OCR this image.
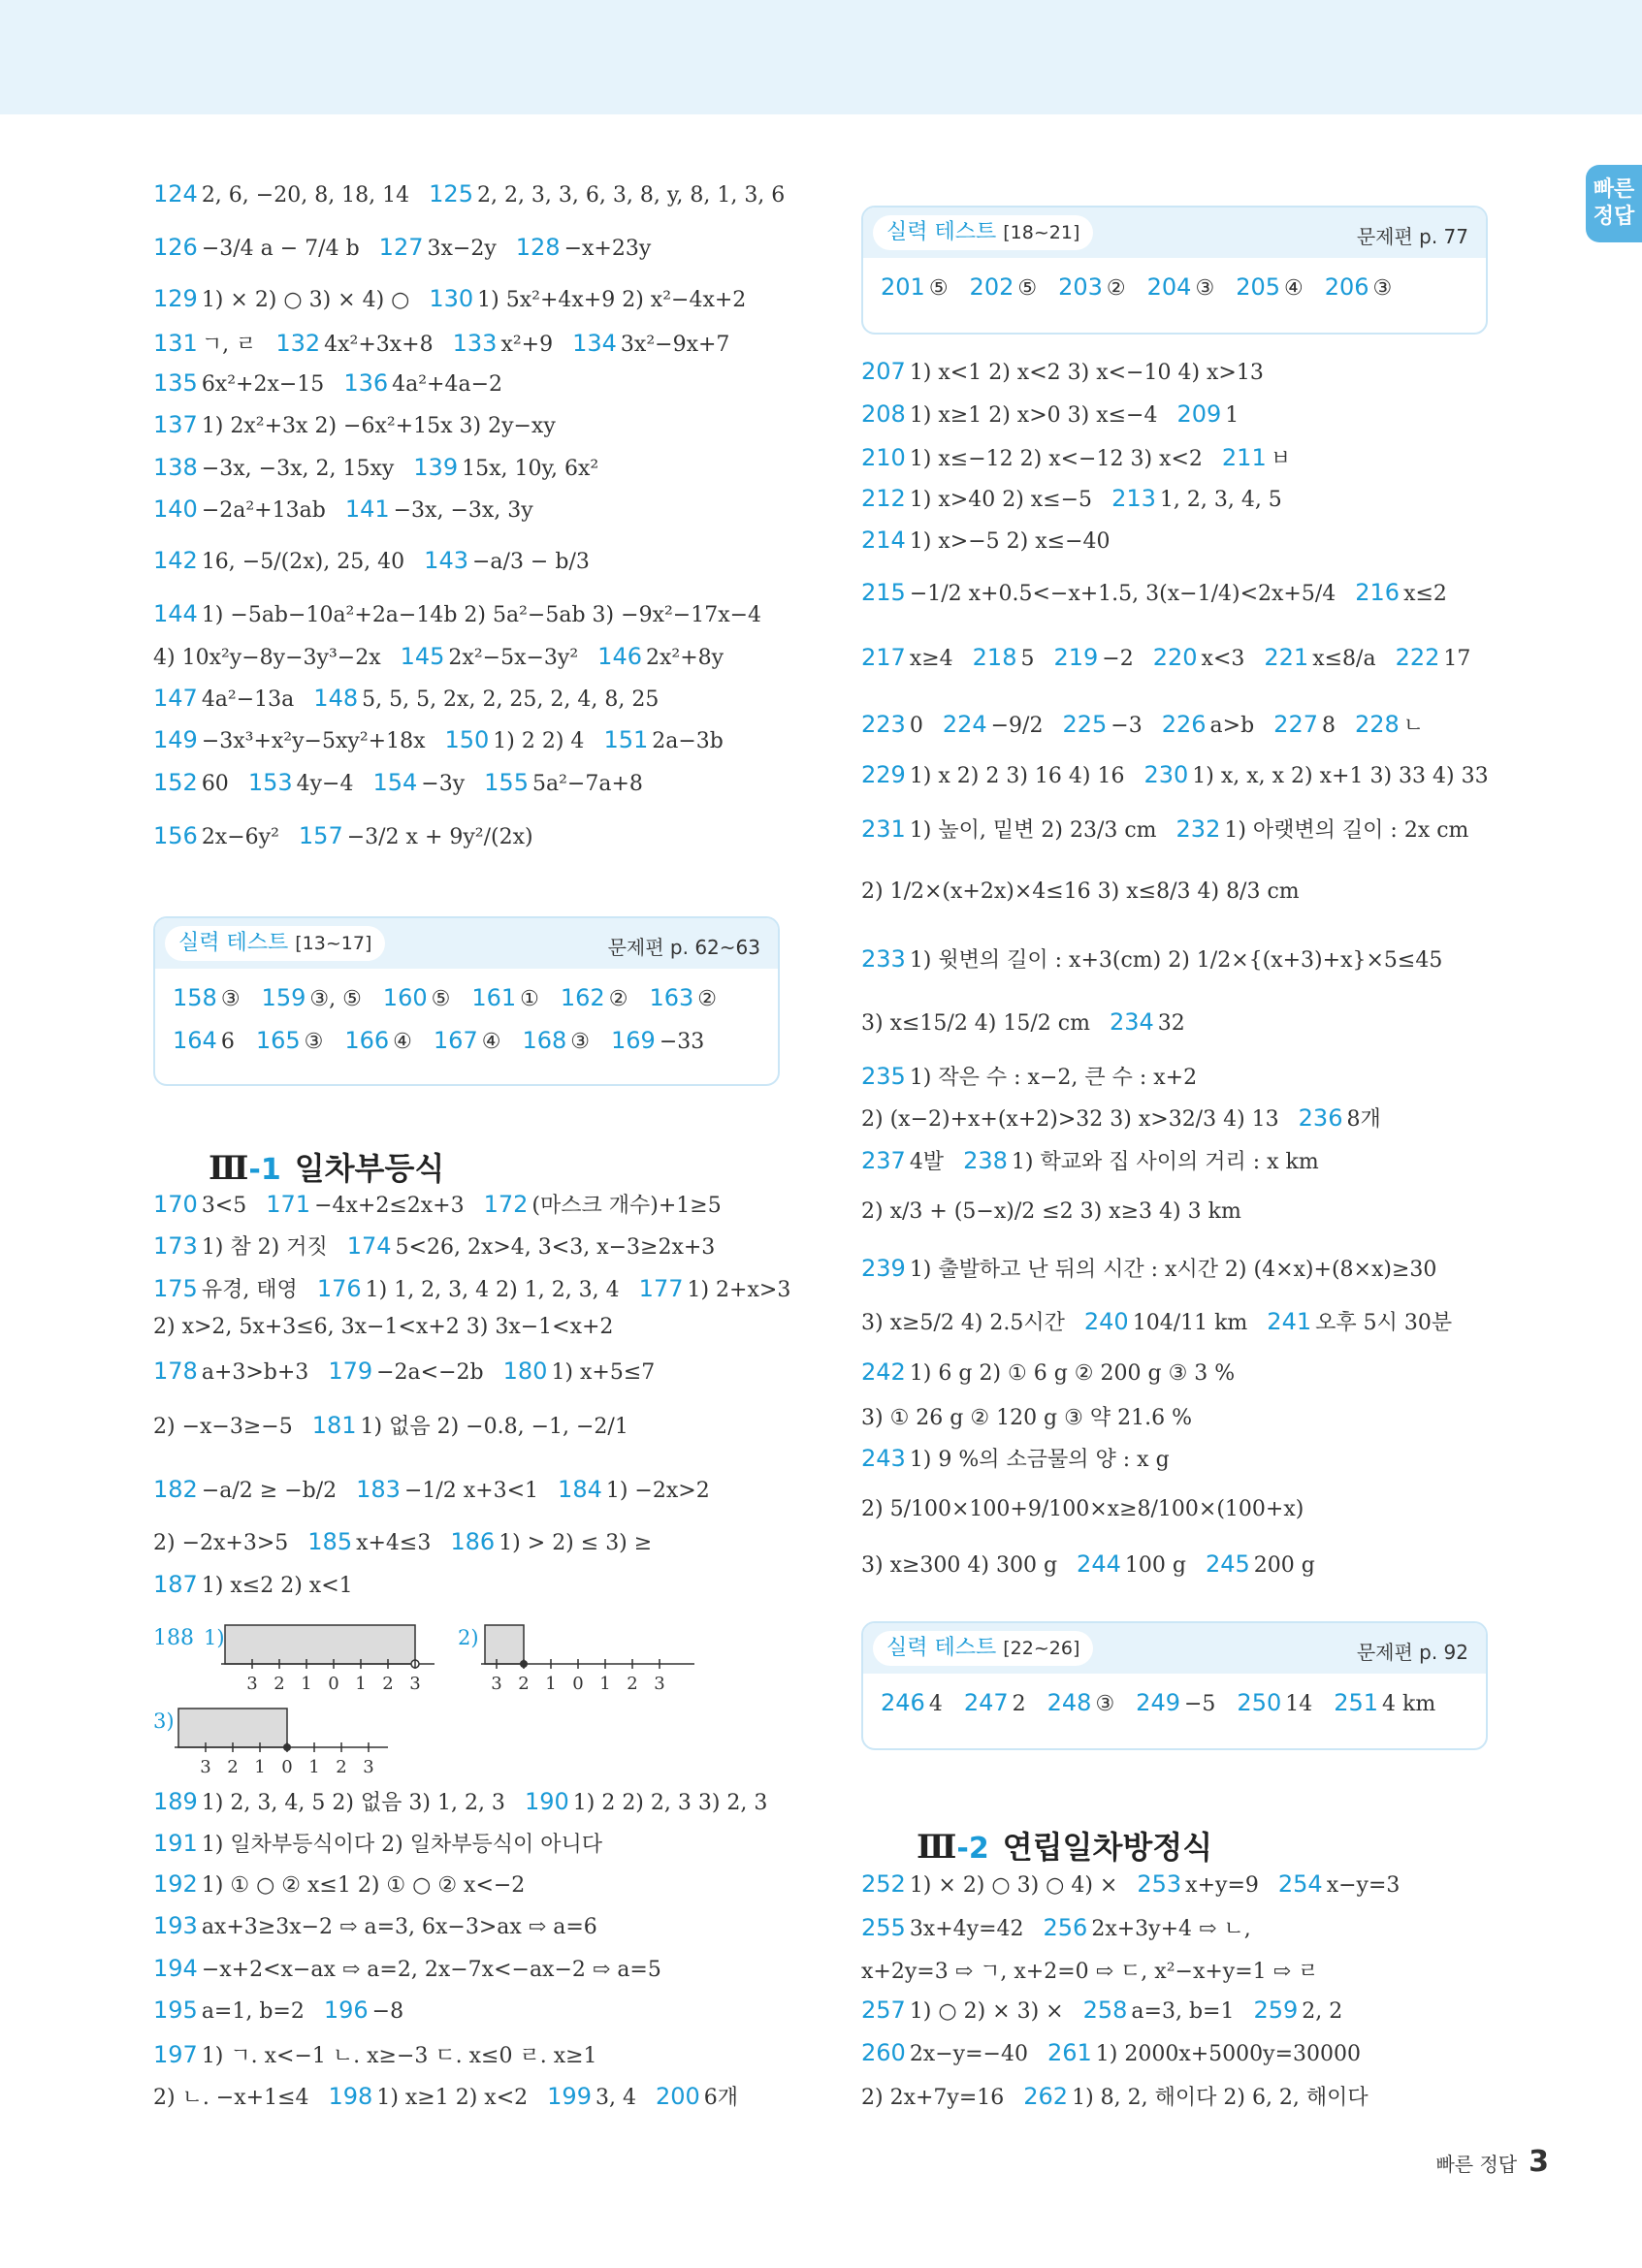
빠른 정답
124 2, 6, −20, 8, 18, 14 125 2, 2, 3, 3, 6, 3, 8, y, 8, 1, 3, 6
126 −3/4 a − 7/4 b 127 3x−2y 128 −x+23y
129 1) × 2) ○ 3) × 4) ○ 130 1) 5x²+4x+9 2) x²−4x+2
131 ㄱ, ㄹ 132 4x²+3x+8 133 x²+9 134 3x²−9x+7
135 6x²+2x−15 136 4a²+4a−2
137 1) 2x²+3x 2) −6x²+15x 3) 2y−xy
138 −3x, −3x, 2, 15xy 139 15x, 10y, 6x²
140 −2a²+13ab 141 −3x, −3x, 3y
142 16, −5/(2x), 25, 40 143 −a/3 − b/3
144 1) −5ab−10a²+2a−14b 2) 5a²−5ab 3) −9x²−17x−4
4) 10x²y−8y−3y³−2x 145 2x²−5x−3y² 146 2x²+8y
147 4a²−13a 148 5, 5, 5, 2x, 2, 25, 2, 4, 8, 25
149 −3x³+x²y−5xy²+18x 150 1) 2 2) 4 151 2a−3b
152 60 153 4y−4 154 −3y 155 5a²−7a+8
156 2x−6y² 157 −3/2 x + 9y²/(2x)
실력 테스트 [13~17]	문제편 p. 62~63
158 ③ 159 ③, ⑤ 160 ⑤ 161 ① 162 ② 163 ②
164 6 165 ③ 166 ④ 167 ④ 168 ③ 169 −33
Ⅲ-1 일차부등식
170 3<5 171 −4x+2≤2x+3 172 (마스크 개수)+1≥5
173 1) 참 2) 거짓 174 5<26, 2x>4, 3<3, x−3≥2x+3
175 유경, 태영 176 1) 1, 2, 3, 4 2) 1, 2, 3, 4 177 1) 2+x>3
2) x>2, 5x+3≤6, 3x−1<x+2 3) 3x−1<x+2
178 a+3>b+3 179 −2a<−2b 180 1) x+5≤7
2) −x−3≥−5 181 1) 없음 2) −0.8, −1, −2/1
182 −a/2 ≥ −b/2 183 −1/2 x+3<1 184 1) −2x>2
2) −2x+3>5 185 x+4≤3 186 1) > 2) ≤ 3) ≥
187 1) x≤2 2) x<1
188 1)
3 2 1 0 1 2 3
2)
3 2 1 0 1 2 3
3)
3 2 1 0 1 2 3
189 1) 2, 3, 4, 5 2) 없음 3) 1, 2, 3 190 1) 2 2) 2, 3 3) 2, 3
191 1) 일차부등식이다 2) 일차부등식이 아니다
192 1) ① ○ ② x≤1 2) ① ○ ② x<−2
193 ax+3≥3x−2 ⇨ a=3, 6x−3>ax ⇨ a=6
194 −x+2<x−ax ⇨ a=2, 2x−7x<−ax−2 ⇨ a=5
195 a=1, b=2 196 −8
197 1) ㄱ. x<−1 ㄴ. x≥−3 ㄷ. x≤0 ㄹ. x≥1
2) ㄴ. −x+1≤4 198 1) x≥1 2) x<2 199 3, 4 200 6개
실력 테스트 [18~21]	문제편 p. 77
201 ⑤ 202 ⑤ 203 ② 204 ③ 205 ④ 206 ③
207 1) x<1 2) x<2 3) x<−10 4) x>13
208 1) x≥1 2) x>0 3) x≤−4 209 1
210 1) x≤−12 2) x<−12 3) x<2 211 ㅂ
212 1) x>40 2) x≤−5 213 1, 2, 3, 4, 5
214 1) x>−5 2) x≤−40
215 −1/2 x+0.5<−x+1.5, 3(x−1/4)<2x+5/4 216 x≤2
217 x≥4 218 5 219 −2 220 x<3 221 x≤8/a 222 17
223 0 224 −9/2 225 −3 226 a>b 227 8 228 ㄴ
229 1) x 2) 2 3) 16 4) 16 230 1) x, x, x 2) x+1 3) 33 4) 33
231 1) 높이, 밑변 2) 23/3 cm 232 1) 아랫변의 길이 : 2x cm
2) 1/2×(x+2x)×4≤16 3) x≤8/3 4) 8/3 cm
233 1) 윗변의 길이 : x+3(cm) 2) 1/2×{(x+3)+x}×5≤45
3) x≤15/2 4) 15/2 cm 234 32
235 1) 작은 수 : x−2, 큰 수 : x+2
2) (x−2)+x+(x+2)>32 3) x>32/3 4) 13 236 8개
237 4발 238 1) 학교와 집 사이의 거리 : x km
2) x/3 + (5−x)/2 ≤2 3) x≥3 4) 3 km
239 1) 출발하고 난 뒤의 시간 : x시간 2) (4×x)+(8×x)≥30
3) x≥5/2 4) 2.5시간 240 104/11 km 241 오후 5시 30분
242 1) 6 g 2) ① 6 g ② 200 g ③ 3 %
3) ① 26 g ② 120 g ③ 약 21.6 %
243 1) 9 %의 소금물의 양 : x g
2) 5/100×100+9/100×x≥8/100×(100+x)
3) x≥300 4) 300 g 244 100 g 245 200 g
실력 테스트 [22~26]	문제편 p. 92
246 4 247 2 248 ③ 249 −5 250 14 251 4 km
Ⅲ-2 연립일차방정식
252 1) × 2) ○ 3) ○ 4) × 253 x+y=9 254 x−y=3
255 3x+4y=42 256 2x+3y+4 ⇨ ㄴ,
x+2y=3 ⇨ ㄱ, x+2=0 ⇨ ㄷ, x²−x+y=1 ⇨ ㄹ
257 1) ○ 2) × 3) × 258 a=3, b=1 259 2, 2
260 2x−y=−40 261 1) 2000x+5000y=30000
2) 2x+7y=16 262 1) 8, 2, 해이다 2) 6, 2, 해이다
빠른 정답 3
